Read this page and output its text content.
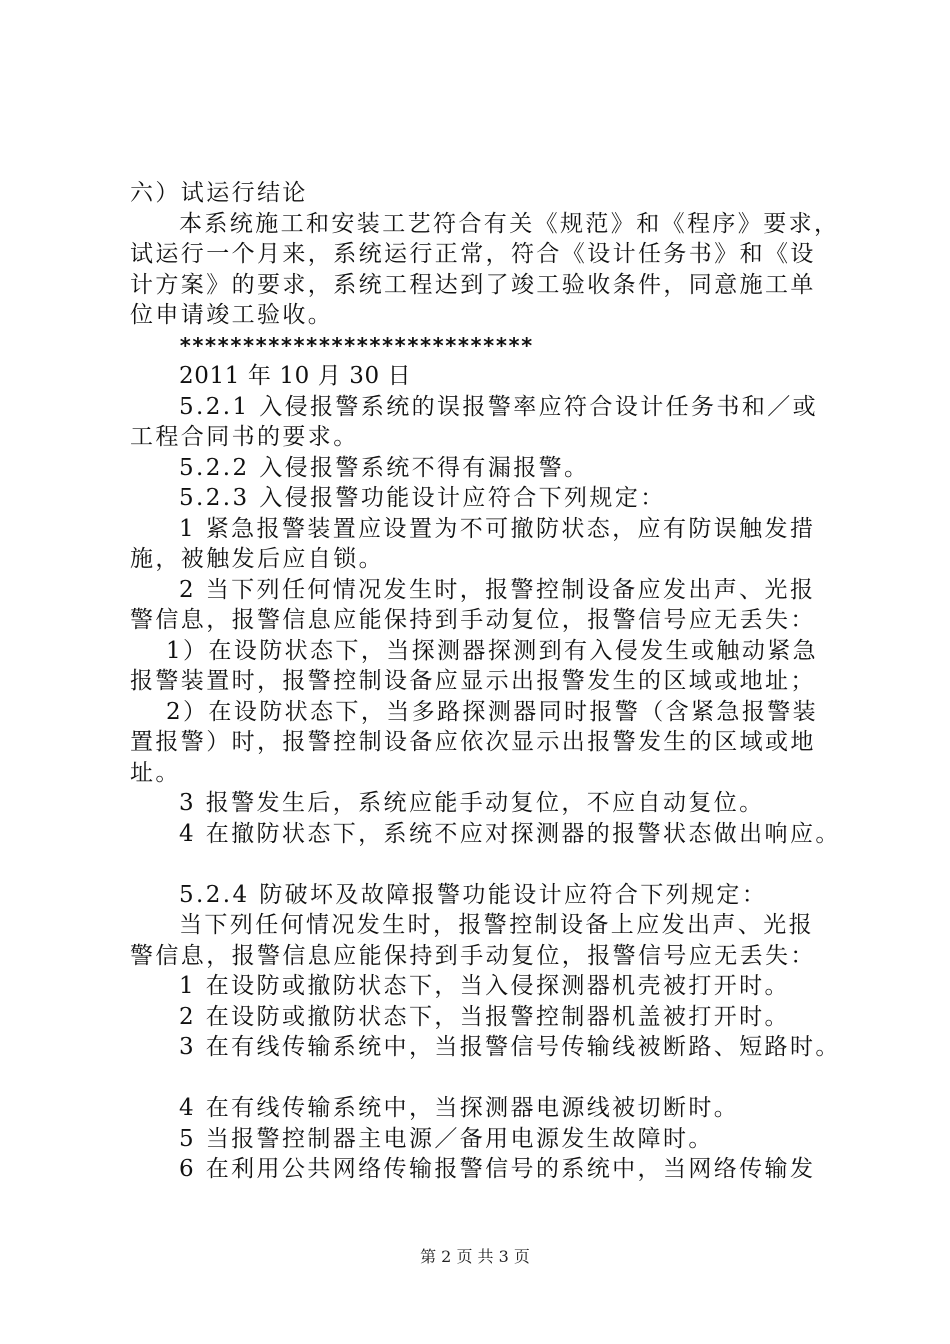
六）试运行结论
本系统施工和安装工艺符合有关《规范》和《程序》要求，
试运行一个月来，系统运行正常，符合《设计任务书》和《设
计方案》的要求，系统工程达到了竣工验收条件，同意施工单
位申请竣工验收。
****************************
2011 年 10 月 30 日
5.2.1 入侵报警系统的误报警率应符合设计任务书和／或
工程合同书的要求。
5.2.2 入侵报警系统不得有漏报警。
5.2.3 入侵报警功能设计应符合下列规定：
1 紧急报警装置应设置为不可撤防状态，应有防误触发措
施，被触发后应自锁。
2 当下列任何情况发生时，报警控制设备应发出声、光报
警信息，报警信息应能保持到手动复位，报警信号应无丢失：
1）在设防状态下，当探测器探测到有入侵发生或触动紧急
报警装置时，报警控制设备应显示出报警发生的区域或地址；
2）在设防状态下，当多路探测器同时报警（含紧急报警装
置报警）时，报警控制设备应依次显示出报警发生的区域或地
址。
3 报警发生后，系统应能手动复位，不应自动复位。
4 在撤防状态下，系统不应对探测器的报警状态做出响应。
5.2.4 防破坏及故障报警功能设计应符合下列规定：
当下列任何情况发生时，报警控制设备上应发出声、光报
警信息，报警信息应能保持到手动复位，报警信号应无丢失：
1 在设防或撤防状态下，当入侵探测器机壳被打开时。
2 在设防或撤防状态下，当报警控制器机盖被打开时。
3 在有线传输系统中，当报警信号传输线被断路、短路时。
4 在有线传输系统中，当探测器电源线被切断时。
5 当报警控制器主电源／备用电源发生故障时。
6 在利用公共网络传输报警信号的系统中，当网络传输发
第 2 页 共 3 页
